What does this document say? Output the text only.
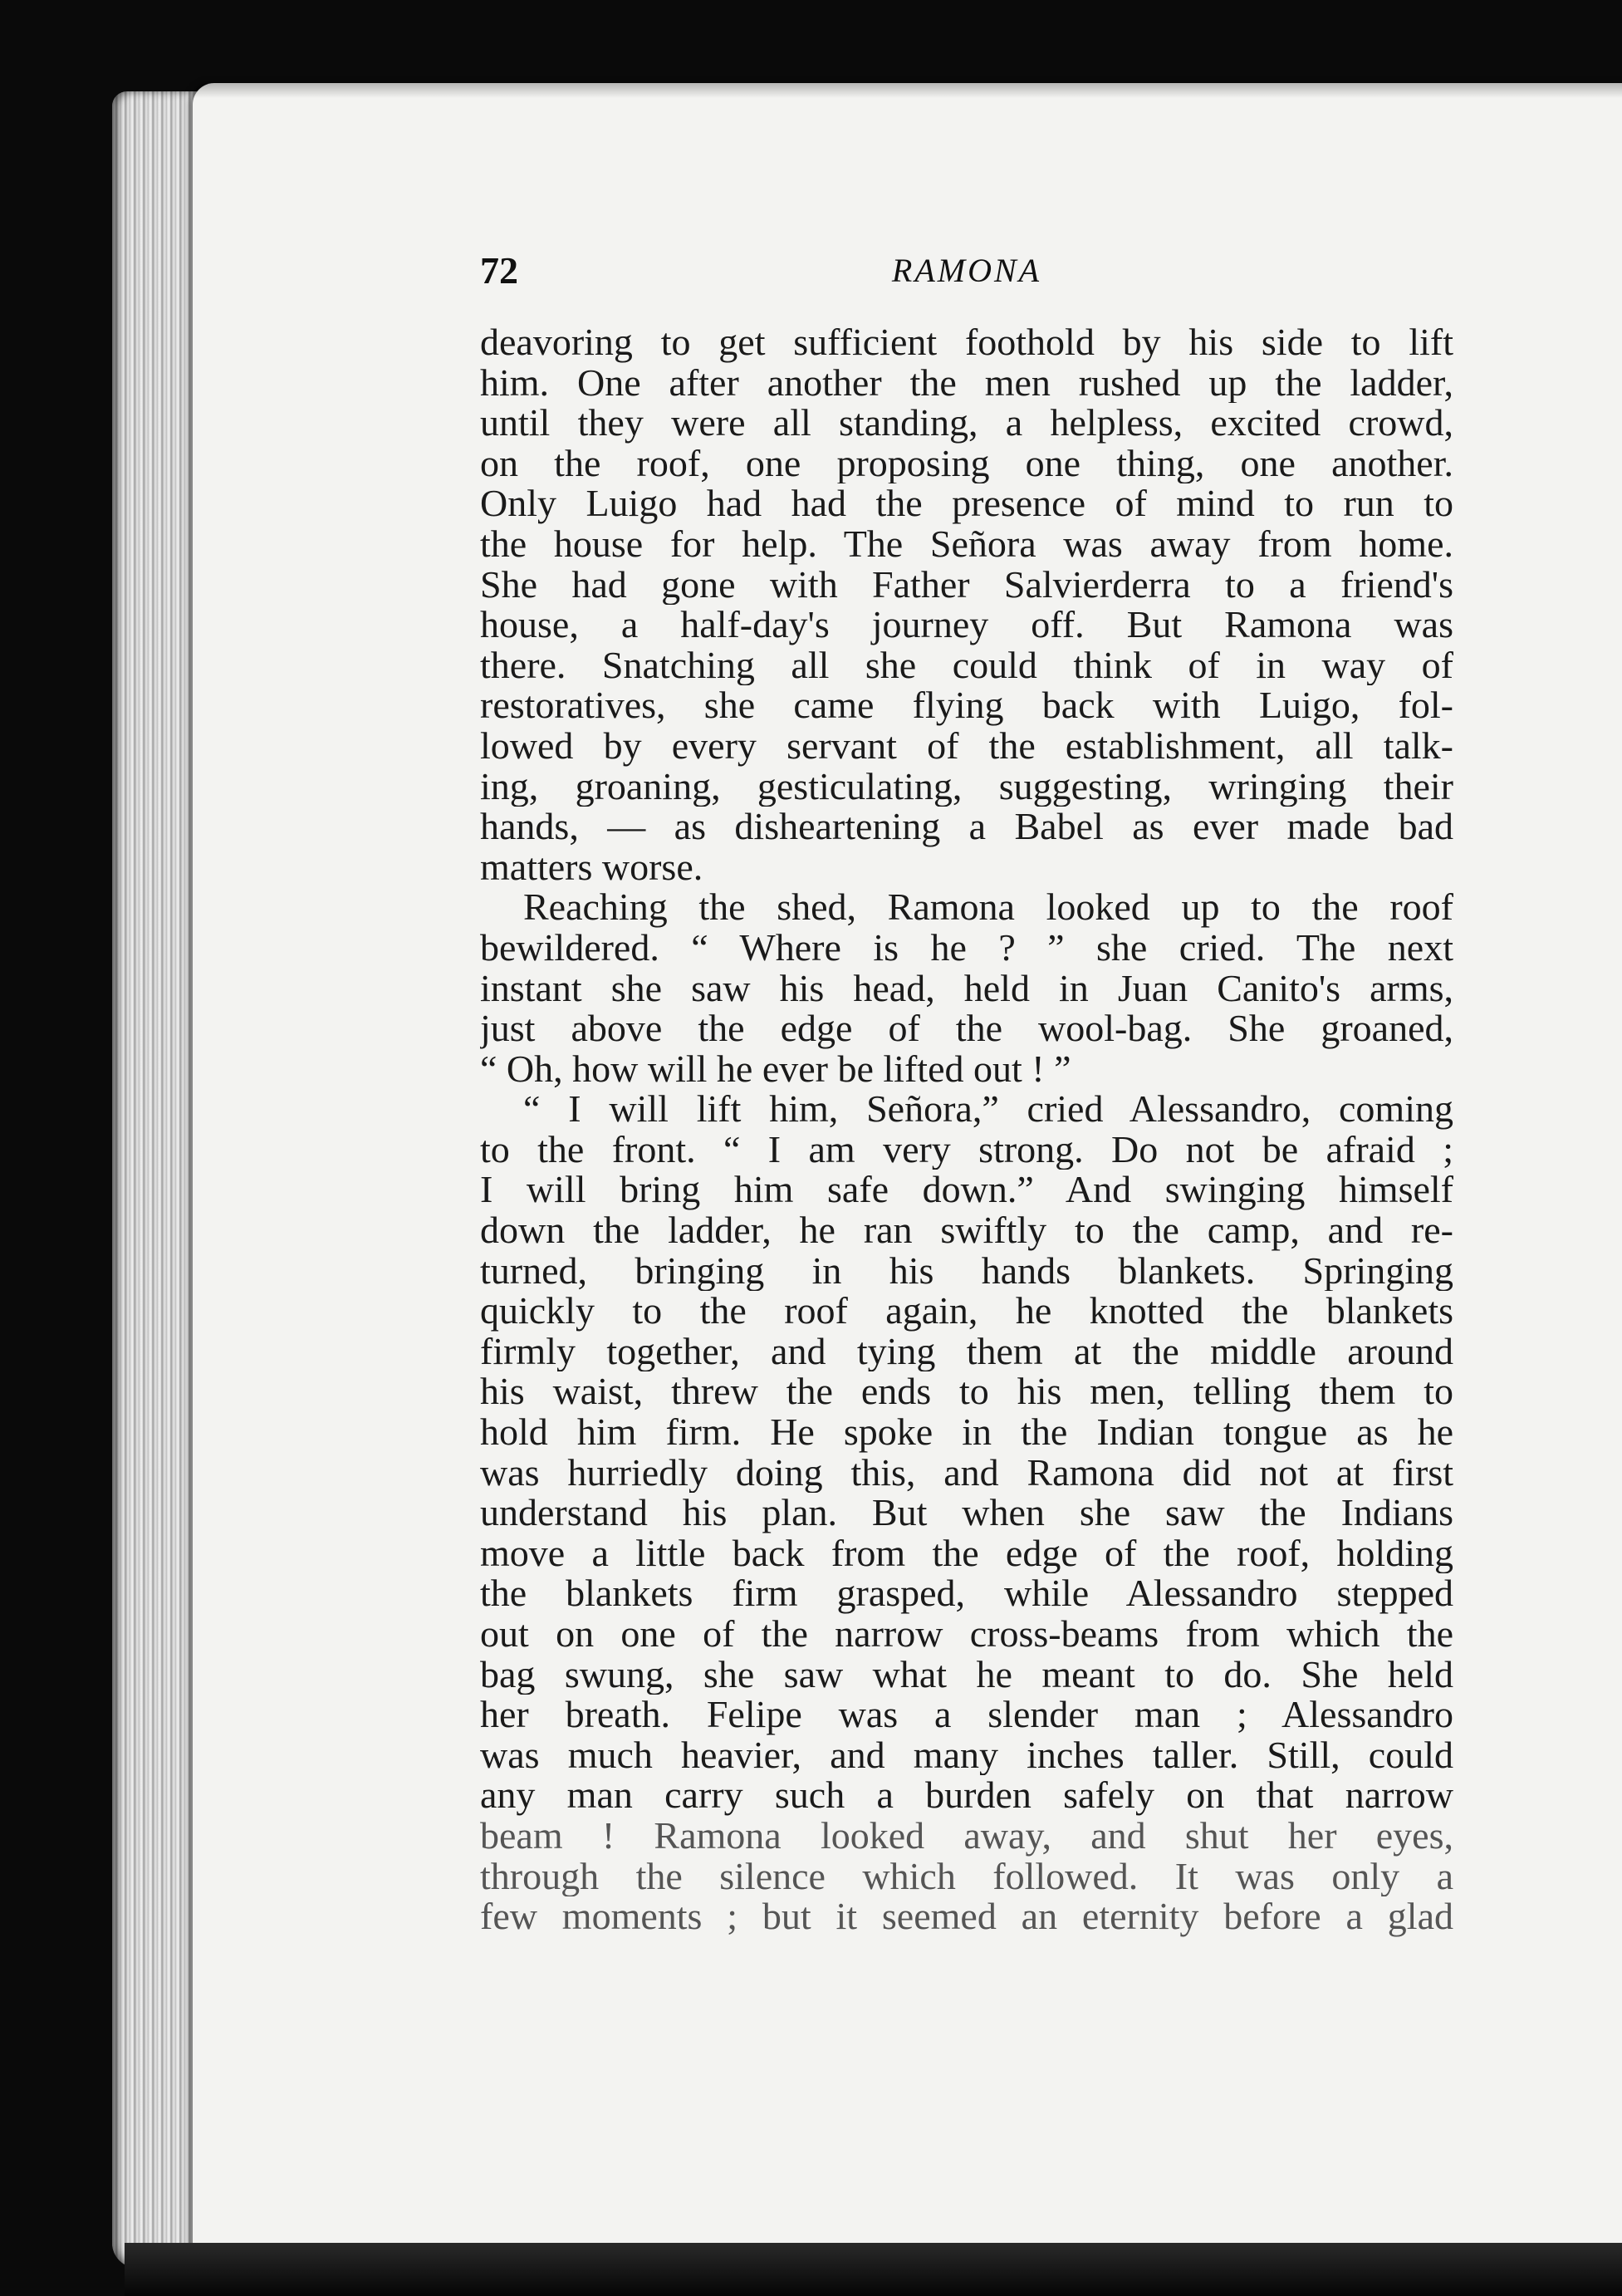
72	RAMONA
deavoring to get sufficient foothold by his side to lift
him. One after another the men rushed up the ladder,
until they were all standing, a helpless, excited crowd,
on the roof, one proposing one thing, one another.
Only Luigo had had the presence of mind to run to
the house for help. The Señora was away from home.
She had gone with Father Salvierderra to a friend's
house, a half-day's journey off. But Ramona was
there. Snatching all she could think of in way of
restoratives, she came flying back with Luigo, fol-
lowed by every servant of the establishment, all talk-
ing, groaning, gesticulating, suggesting, wringing their
hands, — as disheartening a Babel as ever made bad
matters worse.
Reaching the shed, Ramona looked up to the roof
bewildered. “ Where is he ? ” she cried. The next
instant she saw his head, held in Juan Canito's arms,
just above the edge of the wool-bag. She groaned,
“ Oh, how will he ever be lifted out ! ”
“ I will lift him, Señora,” cried Alessandro, coming
to the front. “ I am very strong. Do not be afraid ;
I will bring him safe down.” And swinging himself
down the ladder, he ran swiftly to the camp, and re-
turned, bringing in his hands blankets. Springing
quickly to the roof again, he knotted the blankets
firmly together, and tying them at the middle around
his waist, threw the ends to his men, telling them to
hold him firm. He spoke in the Indian tongue as he
was hurriedly doing this, and Ramona did not at first
understand his plan. But when she saw the Indians
move a little back from the edge of the roof, holding
the blankets firm grasped, while Alessandro stepped
out on one of the narrow cross-beams from which the
bag swung, she saw what he meant to do. She held
her breath. Felipe was a slender man ; Alessandro
was much heavier, and many inches taller. Still, could
any man carry such a burden safely on that narrow
beam ! Ramona looked away, and shut her eyes,
through the silence which followed. It was only a
few moments ; but it seemed an eternity before a glad
